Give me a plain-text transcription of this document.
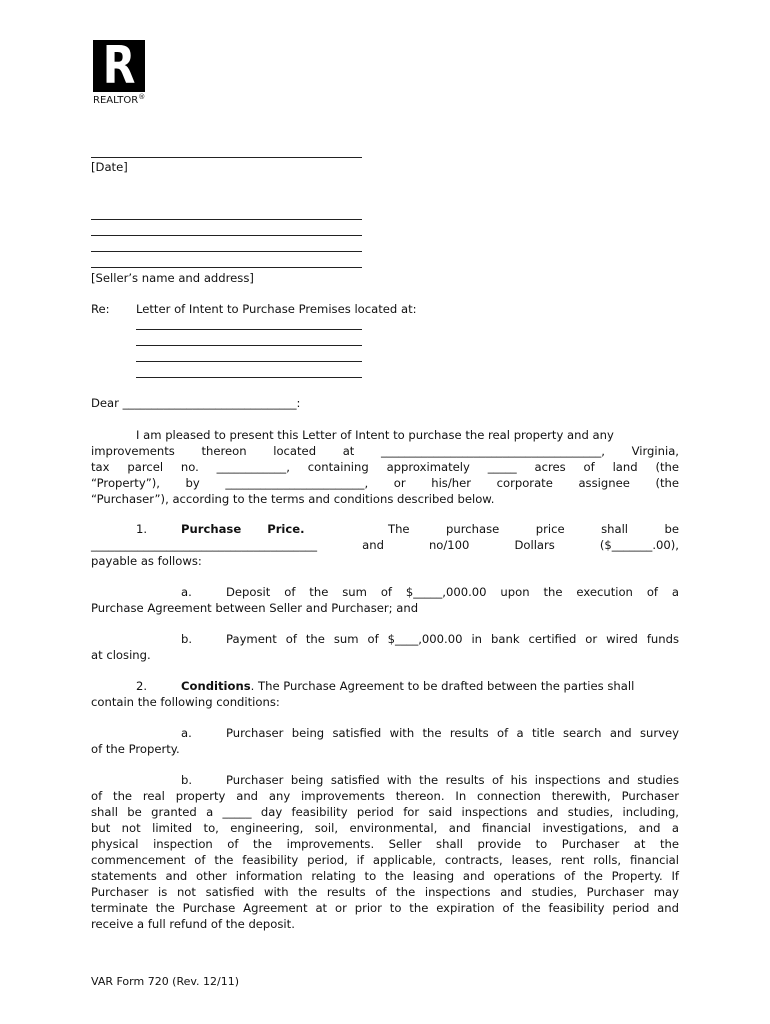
R
REALTOR®
[Date]
[Seller’s name and address]
Re: Letter of Intent to Purchase Premises located at:
Dear ______________________________:
I am pleased to present this Letter of Intent to purchase the real property and any
improvements thereon located at ______________________________________, Virginia,
tax parcel no. ____________, containing approximately _____ acres of land (the
“Property”), by ________________________, or his/her corporate assignee (the
“Purchaser”), according to the terms and conditions described below.
1.	Purchase Price.	The	purchase	price	shall	be
_______________________________________ and no/100 Dollars ($_______.00),
payable as follows:
a.	Deposit of the sum of $_____,000.00 upon the execution of a
Purchase Agreement between Seller and Purchaser; and
b.	Payment of the sum of $____,000.00 in bank certified or wired funds
at closing.
2.	Conditions. The Purchase Agreement to be drafted between the parties shall
contain the following conditions:
a.	Purchaser being satisfied with the results of a title search and survey
of the Property.
b.	Purchaser being satisfied with the results of his inspections and studies
of the real property and any improvements thereon. In connection therewith, Purchaser
shall be granted a _____ day feasibility period for said inspections and studies, including,
but not limited to, engineering, soil, environmental, and financial investigations, and a
physical inspection of the improvements. Seller shall provide to Purchaser at the
commencement of the feasibility period, if applicable, contracts, leases, rent rolls, financial
statements and other information relating to the leasing and operations of the Property. If
Purchaser is not satisfied with the results of the inspections and studies, Purchaser may
terminate the Purchase Agreement at or prior to the expiration of the feasibility period and
receive a full refund of the deposit.
VAR Form 720 (Rev. 12/11)
